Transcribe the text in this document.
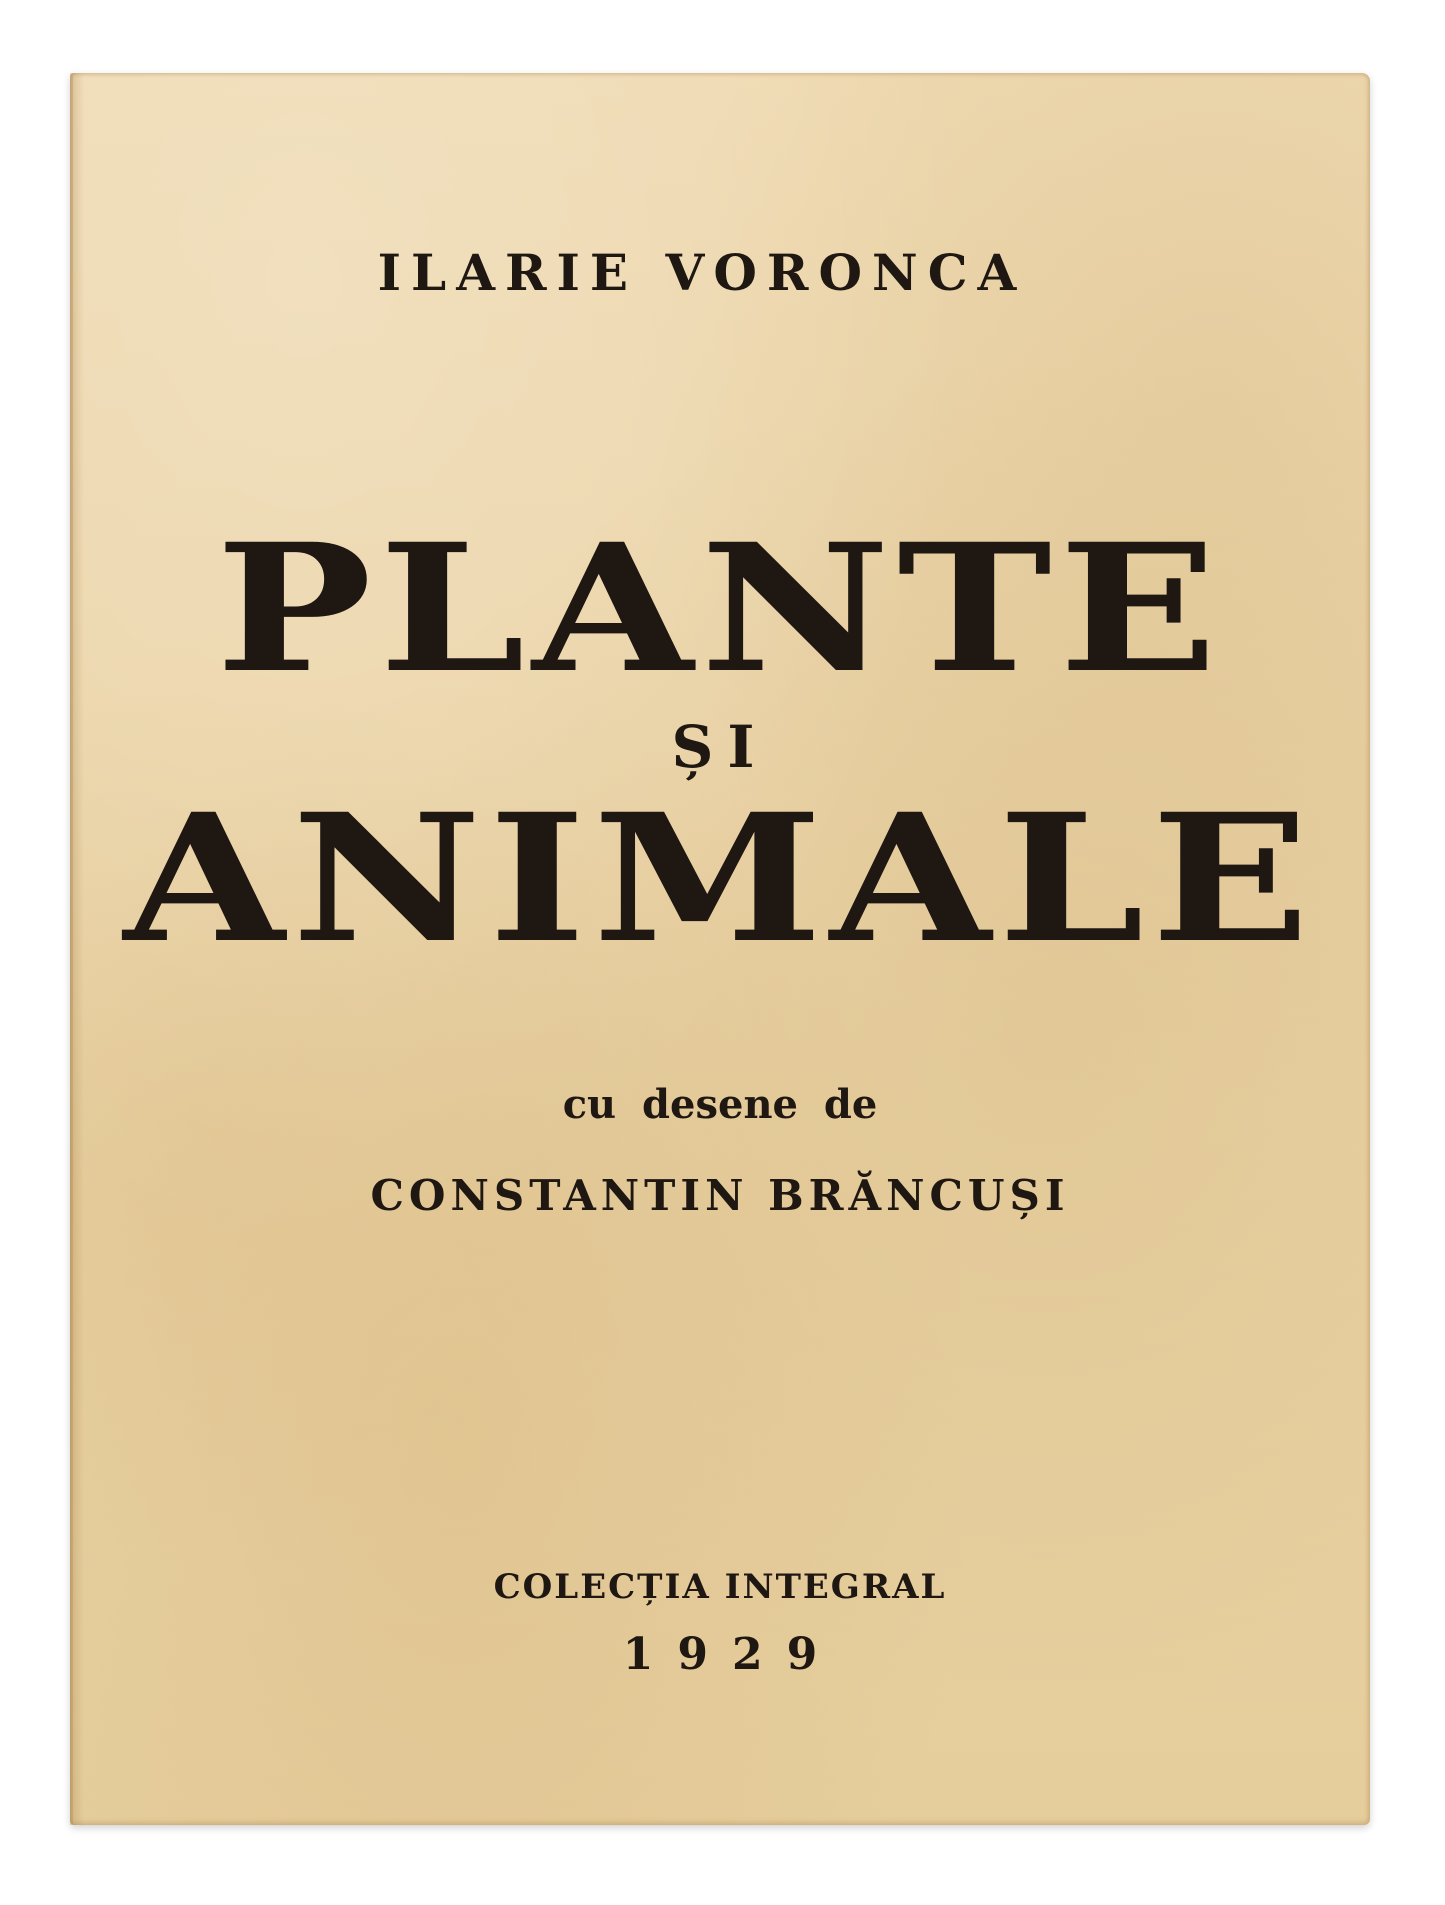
ILARIE VORONCA
PLANTE
ȘI
ANIMALE
cu desene de
CONSTANTIN BRĂNCUȘI
COLECȚIA INTEGRAL
1929
